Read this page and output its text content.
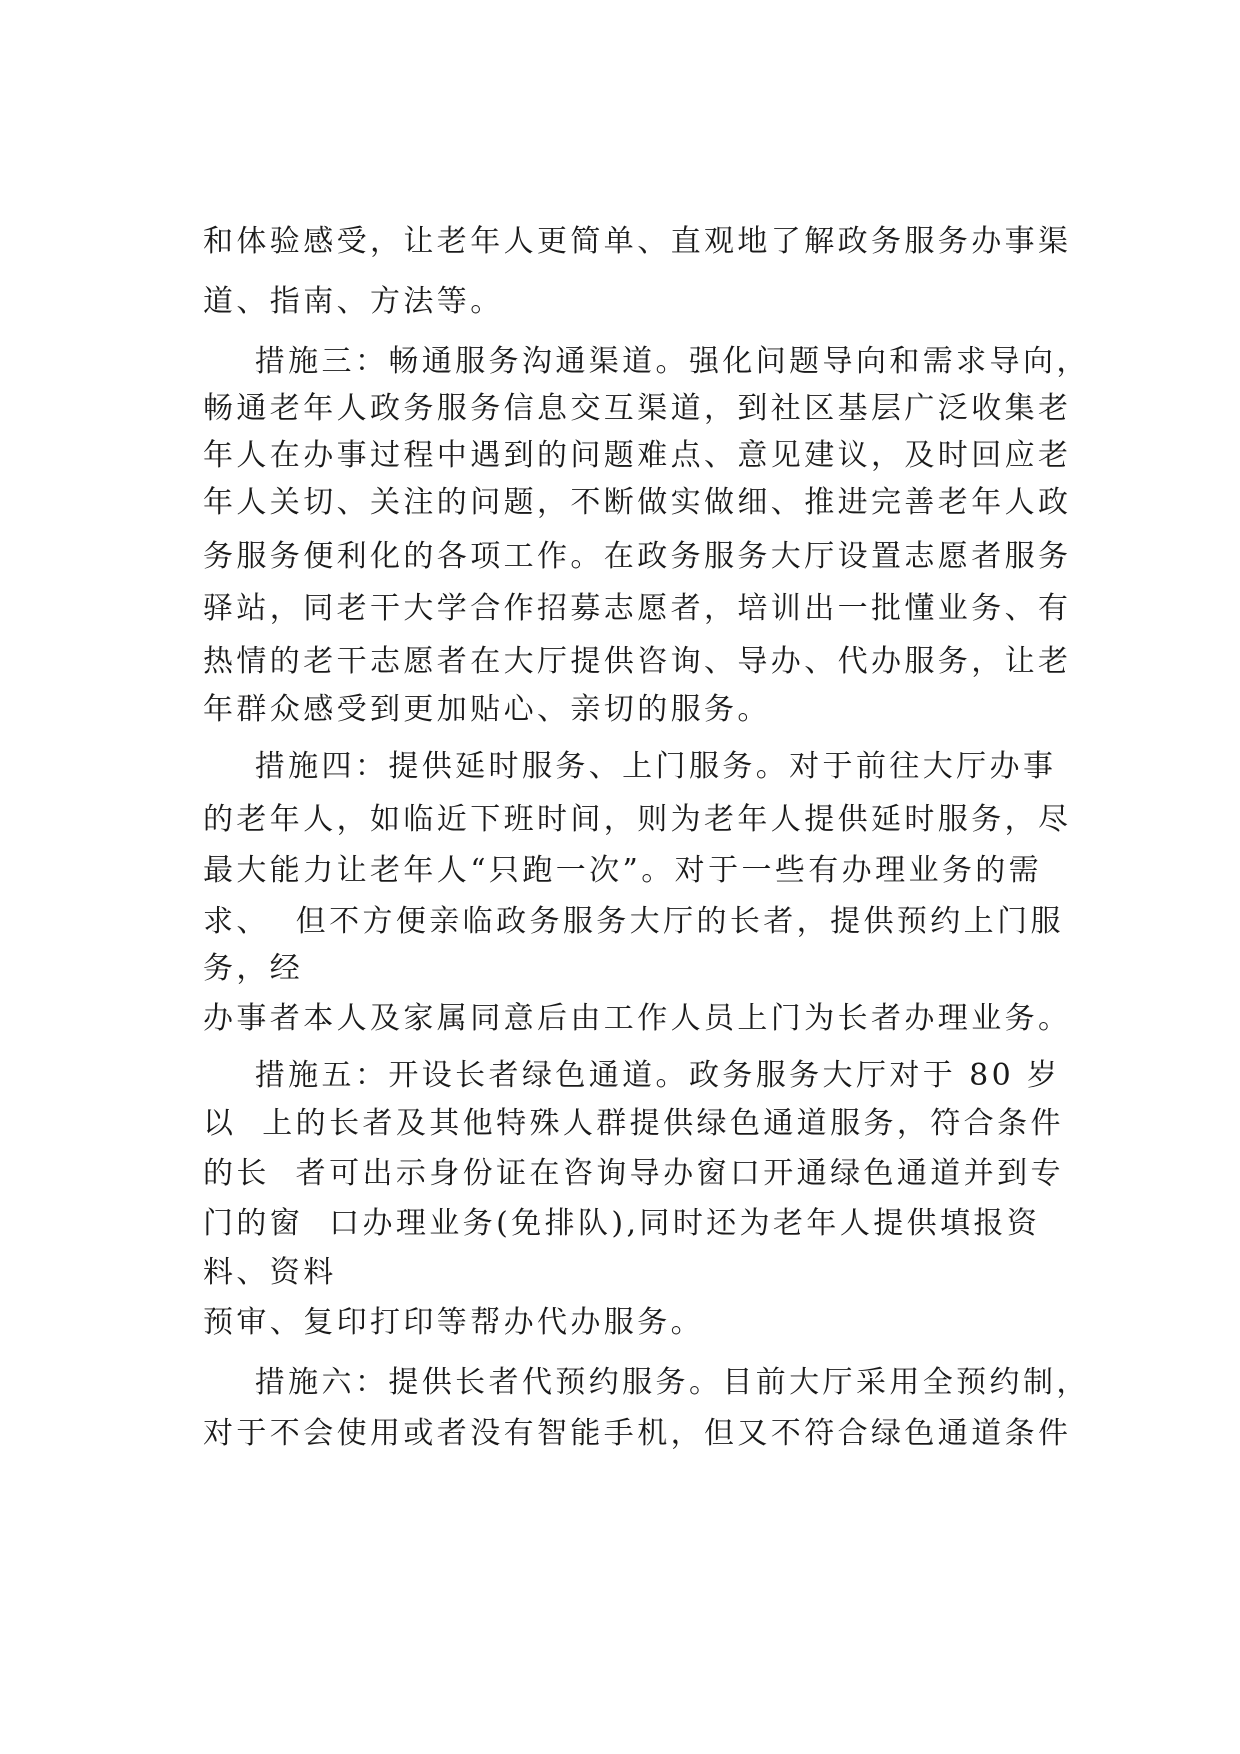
和体验感受，让老年人更简单、直观地了解政务服务办事渠
道、指南、方法等。
措施三：畅通服务沟通渠道。强化问题导向和需求导向，
畅通老年人政务服务信息交互渠道，到社区基层广泛收集老
年人在办事过程中遇到的问题难点、意见建议，及时回应老
年人关切、关注的问题，不断做实做细、推进完善老年人政
务服务便利化的各项工作。在政务服务大厅设置志愿者服务
驿站，同老干大学合作招募志愿者，培训出一批懂业务、有
热情的老干志愿者在大厅提供咨询、导办、代办服务，让老
年群众感受到更加贴心、亲切的服务。
措施四：提供延时服务、上门服务。对于前往大厅办事
的老年人，如临近下班时间，则为老年人提供延时服务，尽
最大能力让老年人“只跑一次”。对于一些有办理业务的需
求、  但不方便亲临政务服务大厅的长者，提供预约上门服
务，经
办事者本人及家属同意后由工作人员上门为长者办理业务。
措施五：开设长者绿色通道。政务服务大厅对于 80 岁
以  上的长者及其他特殊人群提供绿色通道服务，符合条件
的长  者可出示身份证在咨询导办窗口开通绿色通道并到专
门的窗  口办理业务(免排队),同时还为老年人提供填报资
料、资料
预审、复印打印等帮办代办服务。
措施六：提供长者代预约服务。目前大厅采用全预约制，
对于不会使用或者没有智能手机，但又不符合绿色通道条件
